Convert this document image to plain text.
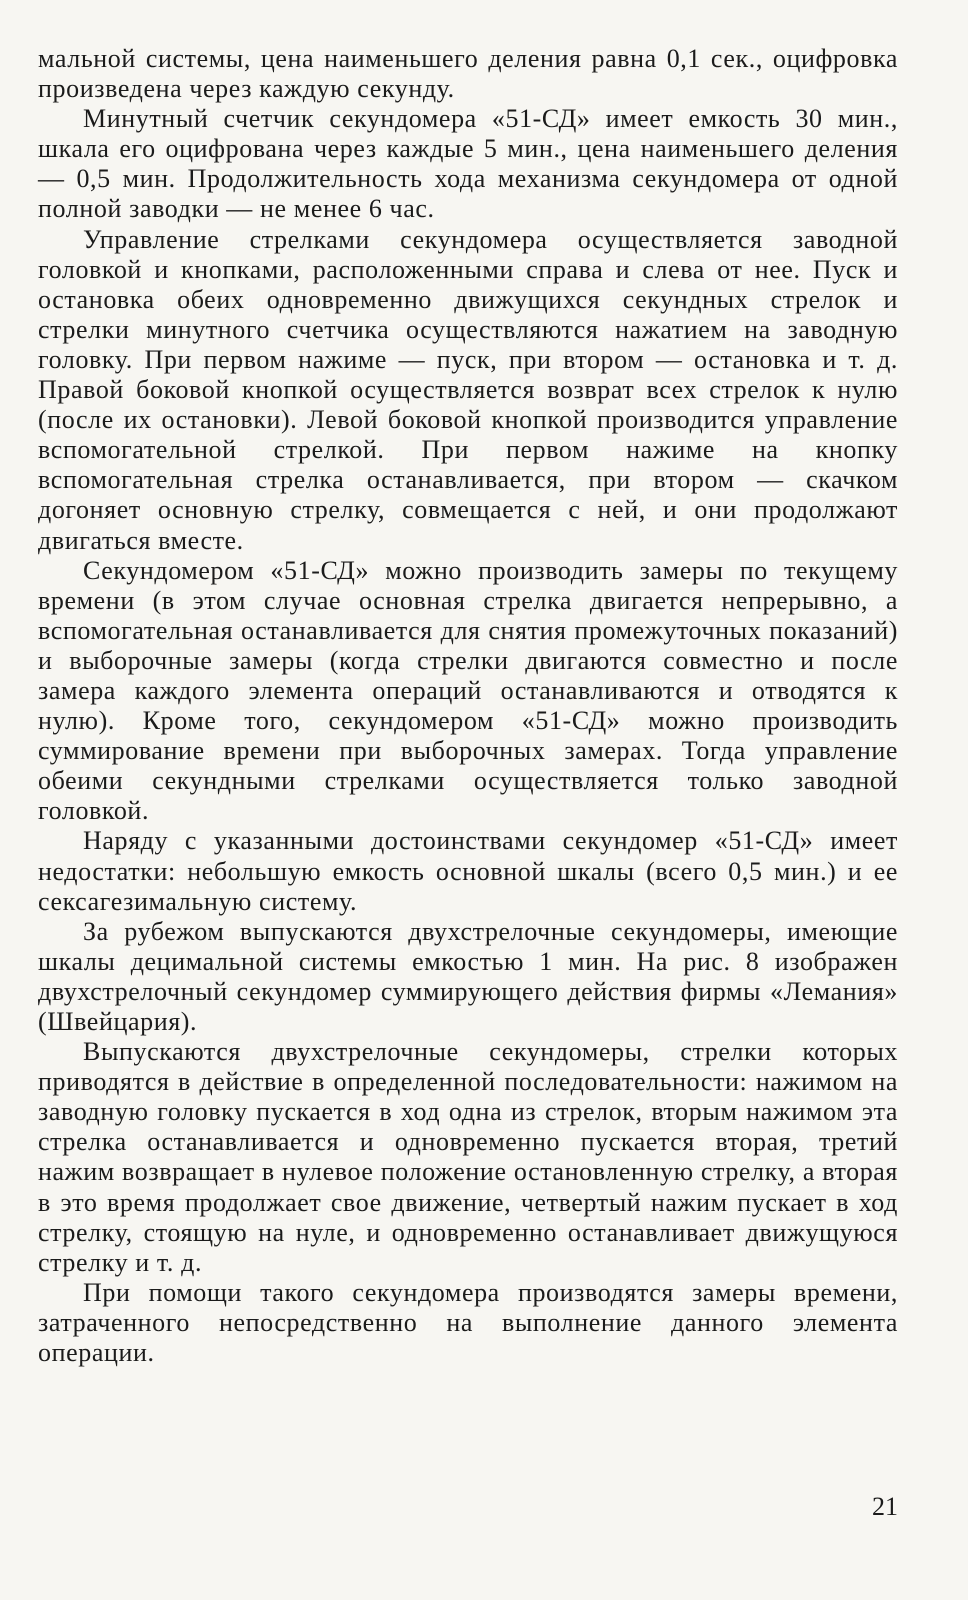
мальной системы, цена наименьшего деления равна 0,1 сек., оцифровка произведена через каждую секунду.

Минутный счетчик секундомера «51-СД» имеет емкость 30 мин., шкала его оцифрована через каждые 5 мин., цена наименьшего деления — 0,5 мин. Продолжительность хода механизма секундомера от одной полной заводки — не менее 6 час.

Управление стрелками секундомера осуществляется заводной головкой и кнопками, расположенными справа и слева от нее. Пуск и остановка обеих одновременно движущихся секундных стрелок и стрелки минутного счетчика осуществляются нажатием на заводную головку. При первом нажиме — пуск, при втором — остановка и т. д. Правой боковой кнопкой осуществляется возврат всех стрелок к нулю (после их остановки). Левой боковой кнопкой производится управление вспомогательной стрелкой. При первом нажиме на кнопку вспомогательная стрелка останавливается, при втором — скачком догоняет основную стрелку, совмещается с ней, и они продолжают двигаться вместе.

Секундомером «51-СД» можно производить замеры по текущему времени (в этом случае основная стрелка двигается непрерывно, а вспомогательная останавливается для снятия промежуточных показаний) и выборочные замеры (когда стрелки двигаются совместно и после замера каждого элемента операций останавливаются и отводятся к нулю). Кроме того, секундомером «51-СД» можно производить суммирование времени при выборочных замерах. Тогда управление обеими секундными стрелками осуществляется только заводной головкой.

Наряду с указанными достоинствами секундомер «51-СД» имеет недостатки: небольшую емкость основной шкалы (всего 0,5 мин.) и ее сексагезимальную систему.

За рубежом выпускаются двухстрелочные секундомеры, имеющие шкалы децимальной системы емкостью 1 мин. На рис. 8 изображен двухстрелочный секундомер суммирующего действия фирмы «Лемания» (Швейцария).

Выпускаются двухстрелочные секундомеры, стрелки которых приводятся в действие в определенной последовательности: нажимом на заводную головку пускается в ход одна из стрелок, вторым нажимом эта стрелка останавливается и одновременно пускается вторая, третий нажим возвращает в нулевое положение остановленную стрелку, а вторая в это время продолжает свое движение, четвертый нажим пускает в ход стрелку, стоящую на нуле, и одновременно останавливает движущуюся стрелку и т. д.

При помощи такого секундомера производятся замеры времени, затраченного непосредственно на выполнение данного элемента операции.

21
